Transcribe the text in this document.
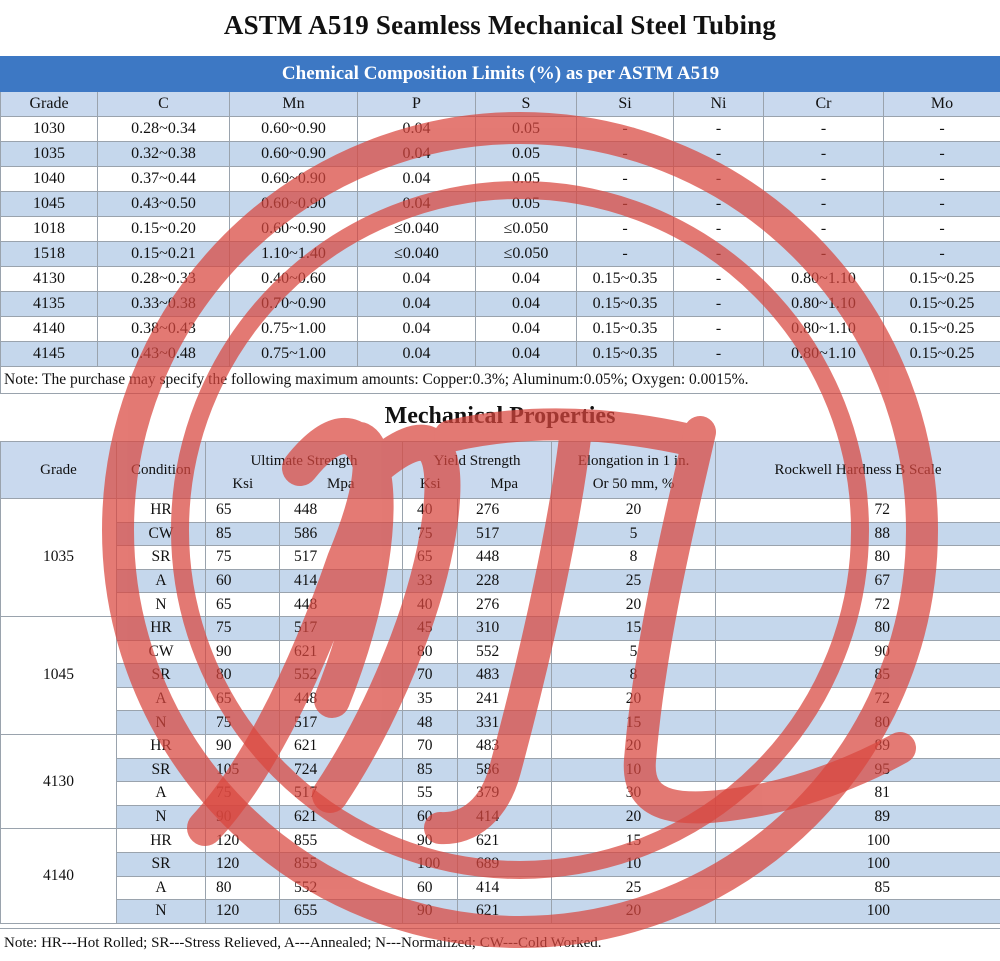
ASTM A519 Seamless Mechanical Steel Tubing
Chemical Composition Limits (%) as per ASTM A519								
Grade	C	Mn	P	S	Si	Ni	Cr	Mo
1030	0.28~0.34	0.60~0.90	0.04	0.05	-	-	-	-
1035	0.32~0.38	0.60~0.90	0.04	0.05	-	-	-	-
1040	0.37~0.44	0.60~0.90	0.04	0.05	-	-	-	-
1045	0.43~0.50	0.60~0.90	0.04	0.05	-	-	-	-
1018	0.15~0.20	0.60~0.90	≤0.040	≤0.050	-	-	-	-
1518	0.15~0.21	1.10~1.40	≤0.040	≤0.050	-	-	-	-
4130	0.28~0.33	0.40~0.60	0.04	0.04	0.15~0.35	-	0.80~1.10	0.15~0.25
4135	0.33~0.38	0.70~0.90	0.04	0.04	0.15~0.35	-	0.80~1.10	0.15~0.25
4140	0.38~0.43	0.75~1.00	0.04	0.04	0.15~0.35	-	0.80~1.10	0.15~0.25
4145	0.43~0.48	0.75~1.00	0.04	0.04	0.15~0.35	-	0.80~1.10	0.15~0.25
Note: The purchase may specify the following maximum amounts: Copper:0.3%; Aluminum:0.05%; Oxygen: 0.0015%.								
Mechanical Properties
Grade	Condition	Ultimate Strength		Yield Strength		Elongation in 1 in.	Rockwell Hardness B Scale
		Ksi	Mpa	Ksi	Mpa	Or 50 mm, %	
1035	HR	65	448	40	276	20	72
	CW	85	586	75	517	5	88
	SR	75	517	65	448	8	80
	A	60	414	33	228	25	67
	N	65	448	40	276	20	72
1045	HR	75	517	45	310	15	80
	CW	90	621	80	552	5	90
	SR	80	552	70	483	8	85
	A	65	448	35	241	20	72
	N	75	517	48	331	15	80
4130	HR	90	621	70	483	20	89
	SR	105	724	85	586	10	95
	A	75	517	55	379	30	81
	N	90	621	60	414	20	89
4140	HR	120	855	90	621	15	100
	SR	120	855	100	689	10	100
	A	80	552	60	414	25	85
	N	120	655	90	621	20	100
Note: HR---Hot Rolled; SR---Stress Relieved, A---Annealed; N---Normalized; CW---Cold Worked.
